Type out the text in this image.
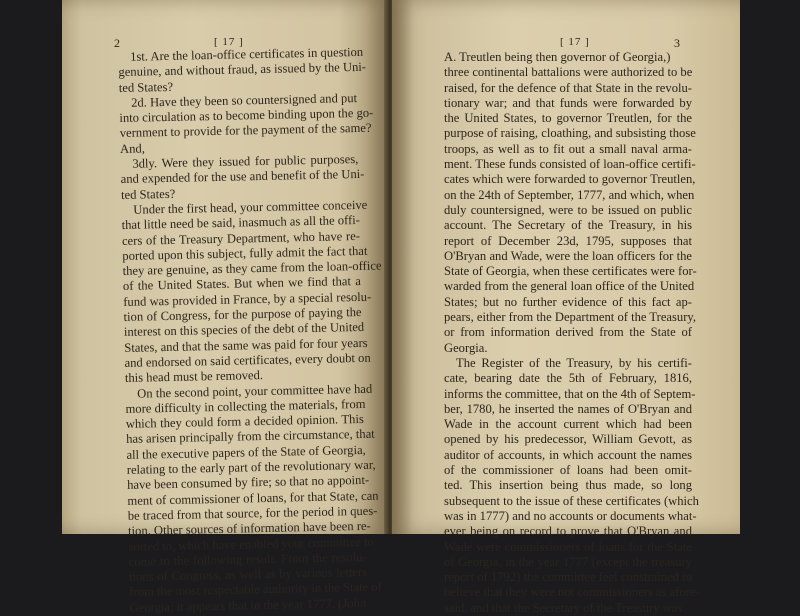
2	[ 17 ]
1st. Are the loan-office certificates in question
genuine, and without fraud, as issued by the Uni-
ted States?
2d. Have they been so countersigned and put
into circulation as to become binding upon the go-
vernment to provide for the payment of the same?
And,
3dly. Were they issued for public purposes,
and expended for the use and benefit of the Uni-
ted States?
Under the first head, your committee conceive
that little need be said, inasmuch as all the offi-
cers of the Treasury Department, who have re-
ported upon this subject, fully admit the fact that
they are genuine, as they came from the loan-office
of the United States. But when we find that a
fund was provided in France, by a special resolu-
tion of Congress, for the purpose of paying the
interest on this species of the debt of the United
States, and that the same was paid for four years
and endorsed on said certificates, every doubt on
this head must be removed.
On the second point, your committee have had
more difficulty in collecting the materials, from
which they could form a decided opinion. This
has arisen principally from the circumstance, that
all the executive papers of the State of Georgia,
relating to the early part of the revolutionary war,
have been consumed by fire; so that no appoint-
ment of commissioner of loans, for that State, can
be traced from that source, for the period in ques-
tion. Other sources of information have been re-
sorted to, which have enabled your committee to
come to the following result. From the resolu-
tions of Congress, as well as by various letters
from the most respectable authority in the State of
Georgia; it appears that in the year 1777, (John
[ 17 ]	3
A. Treutlen being then governor of Georgia,)
three continental battalions were authorized to be
raised, for the defence of that State in the revolu-
tionary war; and that funds were forwarded by
the United States, to governor Treutlen, for the
purpose of raising, cloathing, and subsisting those
troops, as well as to fit out a small naval arma-
ment. These funds consisted of loan-office certifi-
cates which were forwarded to governor Treutlen,
on the 24th of September, 1777, and which, when
duly countersigned, were to be issued on public
account. The Secretary of the Treasury, in his
report of December 23d, 1795, supposes that
O'Bryan and Wade, were the loan officers for the
State of Georgia, when these certificates were for-
warded from the general loan office of the United
States; but no further evidence of this fact ap-
pears, either from the Department of the Treasury,
or from information derived from the State of
Georgia.
The Register of the Treasury, by his certifi-
cate, bearing date the 5th of February, 1816,
informs the committee, that on the 4th of Septem-
ber, 1780, he inserted the names of O'Bryan and
Wade in the account current which had been
opened by his predecessor, William Gevott, as
auditor of accounts, in which account the names
of the commissioner of loans had been omit-
ted. This insertion being thus made, so long
subsequent to the issue of these certificates (which
was in 1777) and no accounts or documents what-
ever being on record to prove that O'Bryan and
Wade were commissioners of loans for the State
of Georgia, in the year 1777 (except the treasury
report of 1792) the committee feel constrained to
believe that they were not commissioners as afore-
said, and that the Secretary of the Treasury was
